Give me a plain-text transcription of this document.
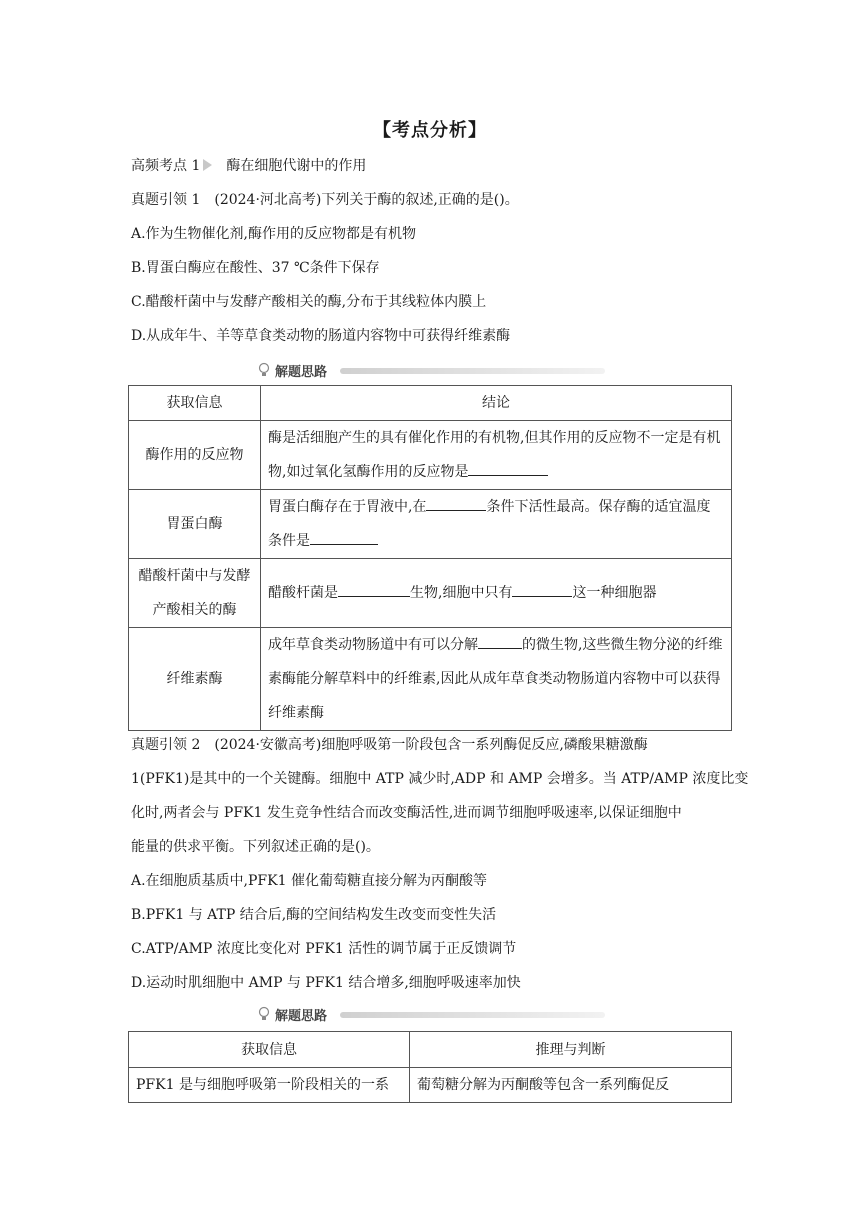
【考点分析】
高频考点 1 酶在细胞代谢中的作用
真题引领 1 (2024·河北高考)下列关于酶的叙述,正确的是()。
A.作为生物催化剂,酶作用的反应物都是有机物
B.胃蛋白酶应在酸性、37 ℃条件下保存
C.醋酸杆菌中与发酵产酸相关的酶,分布于其线粒体内膜上
D.从成年牛、羊等草食类动物的肠道内容物中可获得纤维素酶
解题思路
获取信息	结论
酶作用的反应物	酶是活细胞产生的具有催化作用的有机物,但其作用的反应物不一定是有机物,如过氧化氢酶作用的反应物是
胃蛋白酶	胃蛋白酶存在于胃液中,在 条件下活性最高。保存酶的适宜温度条件是
醋酸杆菌中与发酵产酸相关的酶	醋酸杆菌是 生物,细胞中只有 这一种细胞器
纤维素酶	成年草食类动物肠道中有可以分解 的微生物,这些微生物分泌的纤维素酶能分解草料中的纤维素,因此从成年草食类动物肠道内容物中可以获得纤维素酶
真题引领 2 (2024·安徽高考)细胞呼吸第一阶段包含一系列酶促反应,磷酸果糖激酶
1(PFK1)是其中的一个关键酶。细胞中 ATP 减少时,ADP 和 AMP 会增多。当 ATP/AMP 浓度比变
化时,两者会与 PFK1 发生竞争性结合而改变酶活性,进而调节细胞呼吸速率,以保证细胞中
能量的供求平衡。下列叙述正确的是()。
A.在细胞质基质中,PFK1 催化葡萄糖直接分解为丙酮酸等
B.PFK1 与 ATP 结合后,酶的空间结构发生改变而变性失活
C.ATP/AMP 浓度比变化对 PFK1 活性的调节属于正反馈调节
D.运动时肌细胞中 AMP 与 PFK1 结合增多,细胞呼吸速率加快
解题思路
获取信息	推理与判断
PFK1 是与细胞呼吸第一阶段相关的一系	葡萄糖分解为丙酮酸等包含一系列酶促反
